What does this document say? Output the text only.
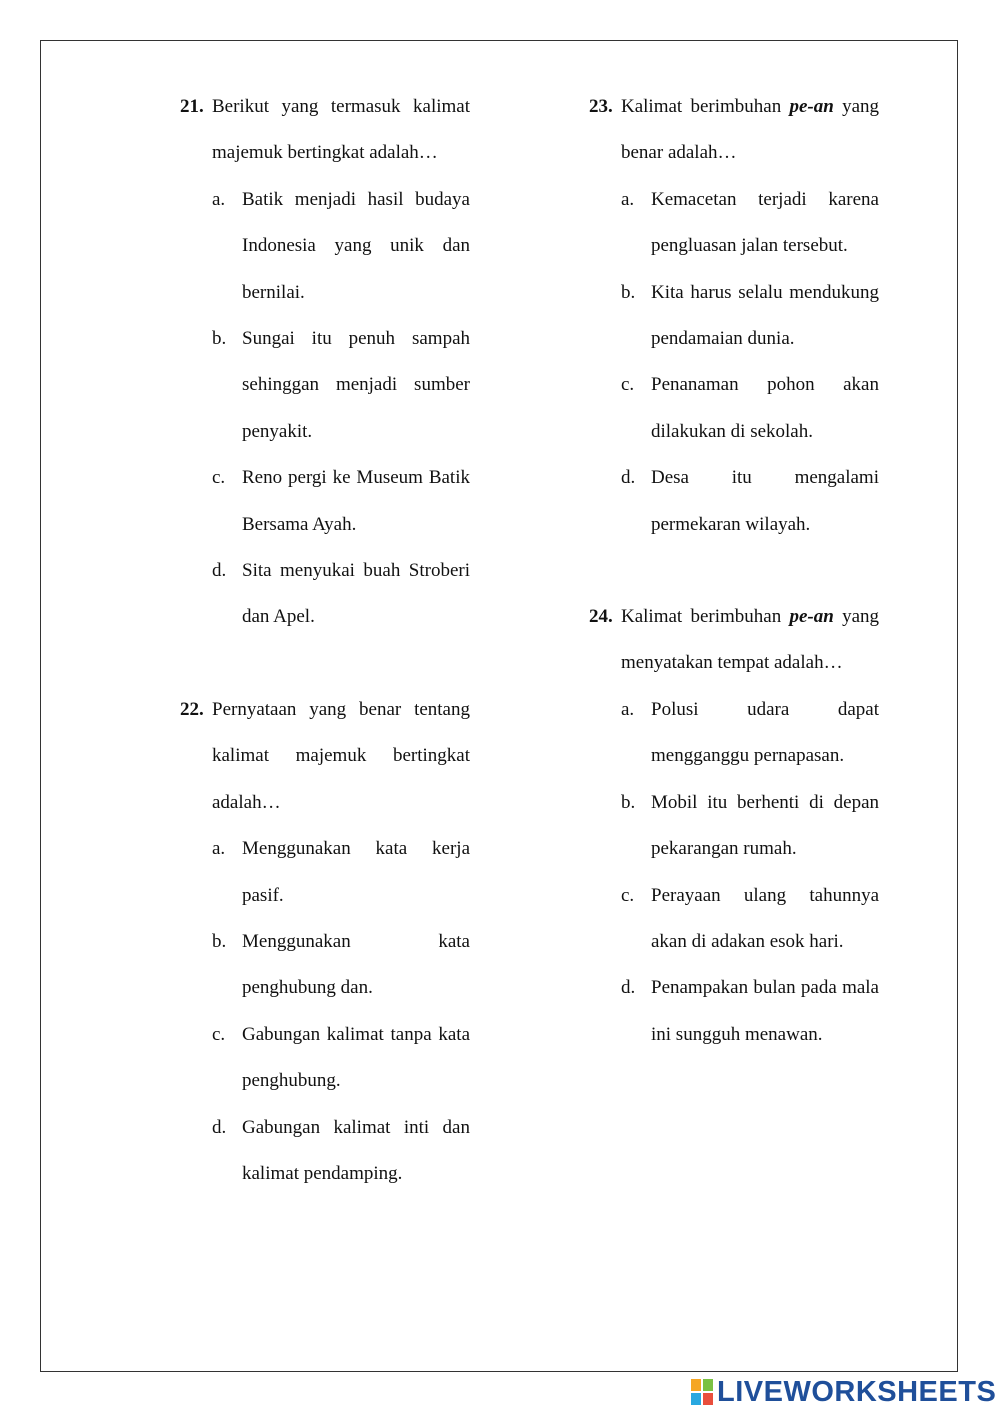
21. Berikut yang termasuk kalimat majemuk bertingkat adalah…
a. Batik menjadi hasil budaya Indonesia yang unik dan bernilai.
b. Sungai itu penuh sampah sehinggan menjadi sumber penyakit.
c. Reno pergi ke Museum Batik Bersama Ayah.
d. Sita menyukai buah Stroberi dan Apel.
22. Pernyataan yang benar tentang kalimat majemuk bertingkat adalah…
a. Menggunakan kata kerja pasif.
b. Menggunakan kata penghubung dan.
c. Gabungan kalimat tanpa kata penghubung.
d. Gabungan kalimat inti dan kalimat pendamping.
23. Kalimat berimbuhan pe-an yang benar adalah…
a. Kemacetan terjadi karena pengluasan jalan tersebut.
b. Kita harus selalu mendukung pendamaian dunia.
c. Penanaman pohon akan dilakukan di sekolah.
d. Desa itu mengalami permekaran wilayah.
24. Kalimat berimbuhan pe-an yang menyatakan tempat adalah…
a. Polusi udara dapat mengganggu pernapasan.
b. Mobil itu berhenti di depan pekarangan rumah.
c. Perayaan ulang tahunnya akan di adakan esok hari.
d. Penampakan bulan pada mala ini sungguh menawan.
LIVEWORKSHEETS
